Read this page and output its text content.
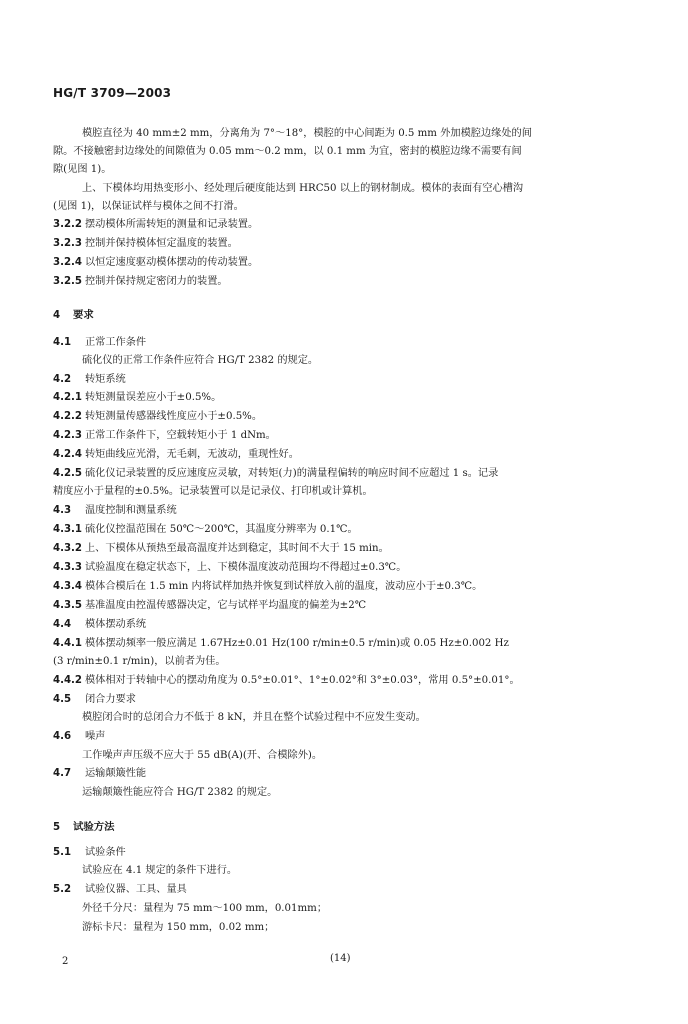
HG/T 3709—2003
模腔直径为 40 mm±2 mm，分离角为 7°～18°，模腔的中心间距为 0.5 mm 外加模腔边缘处的间
隙。不接触密封边缘处的间隙值为 0.05 mm～0.2 mm，以 0.1 mm 为宜，密封的模腔边缘不需要有间
隙(见图 1)。
上、下模体均用热变形小、经处理后硬度能达到 HRC50 以上的钢材制成。模体的表面有空心槽沟
(见图 1)，以保证试样与模体之间不打滑。
3.2.2 摆动模体所需转矩的测量和记录装置。
3.2.3 控制并保持模体恒定温度的装置。
3.2.4 以恒定速度驱动模体摆动的传动装置。
3.2.5 控制并保持规定密闭力的装置。
4 要求
4.1 正常工作条件
硫化仪的正常工作条件应符合 HG/T 2382 的规定。
4.2 转矩系统
4.2.1 转矩测量误差应小于±0.5%。
4.2.2 转矩测量传感器线性度应小于±0.5%。
4.2.3 正常工作条件下，空载转矩小于 1 dNm。
4.2.4 转矩曲线应光滑，无毛刺，无波动，重现性好。
4.2.5 硫化仪记录装置的反应速度应灵敏，对转矩(力)的满量程偏转的响应时间不应超过 1 s。记录
精度应小于量程的±0.5%。记录装置可以是记录仪、打印机或计算机。
4.3 温度控制和测量系统
4.3.1 硫化仪控温范围在 50℃～200℃，其温度分辨率为 0.1℃。
4.3.2 上、下模体从预热至最高温度并达到稳定，其时间不大于 15 min。
4.3.3 试验温度在稳定状态下，上、下模体温度波动范围均不得超过±0.3℃。
4.3.4 模体合模后在 1.5 min 内将试样加热并恢复到试样放入前的温度，波动应小于±0.3℃。
4.3.5 基准温度由控温传感器决定，它与试样平均温度的偏差为±2℃
4.4 模体摆动系统
4.4.1 模体摆动频率一般应满足 1.67Hz±0.01 Hz(100 r/min±0.5 r/min)或 0.05 Hz±0.002 Hz
(3 r/min±0.1 r/min)，以前者为佳。
4.4.2 模体相对于转轴中心的摆动角度为 0.5°±0.01°、1°±0.02°和 3°±0.03°，常用 0.5°±0.01°。
4.5 闭合力要求
模腔闭合时的总闭合力不低于 8 kN，并且在整个试验过程中不应发生变动。
4.6 噪声
工作噪声声压级不应大于 55 dB(A)(开、合模除外)。
4.7 运输颠簸性能
运输颠簸性能应符合 HG/T 2382 的规定。
5 试验方法
5.1 试验条件
试验应在 4.1 规定的条件下进行。
5.2 试验仪器、工具、量具
外径千分尺：量程为 75 mm～100 mm，0.01mm；
游标卡尺：量程为 150 mm，0.02 mm；
2	(14)
